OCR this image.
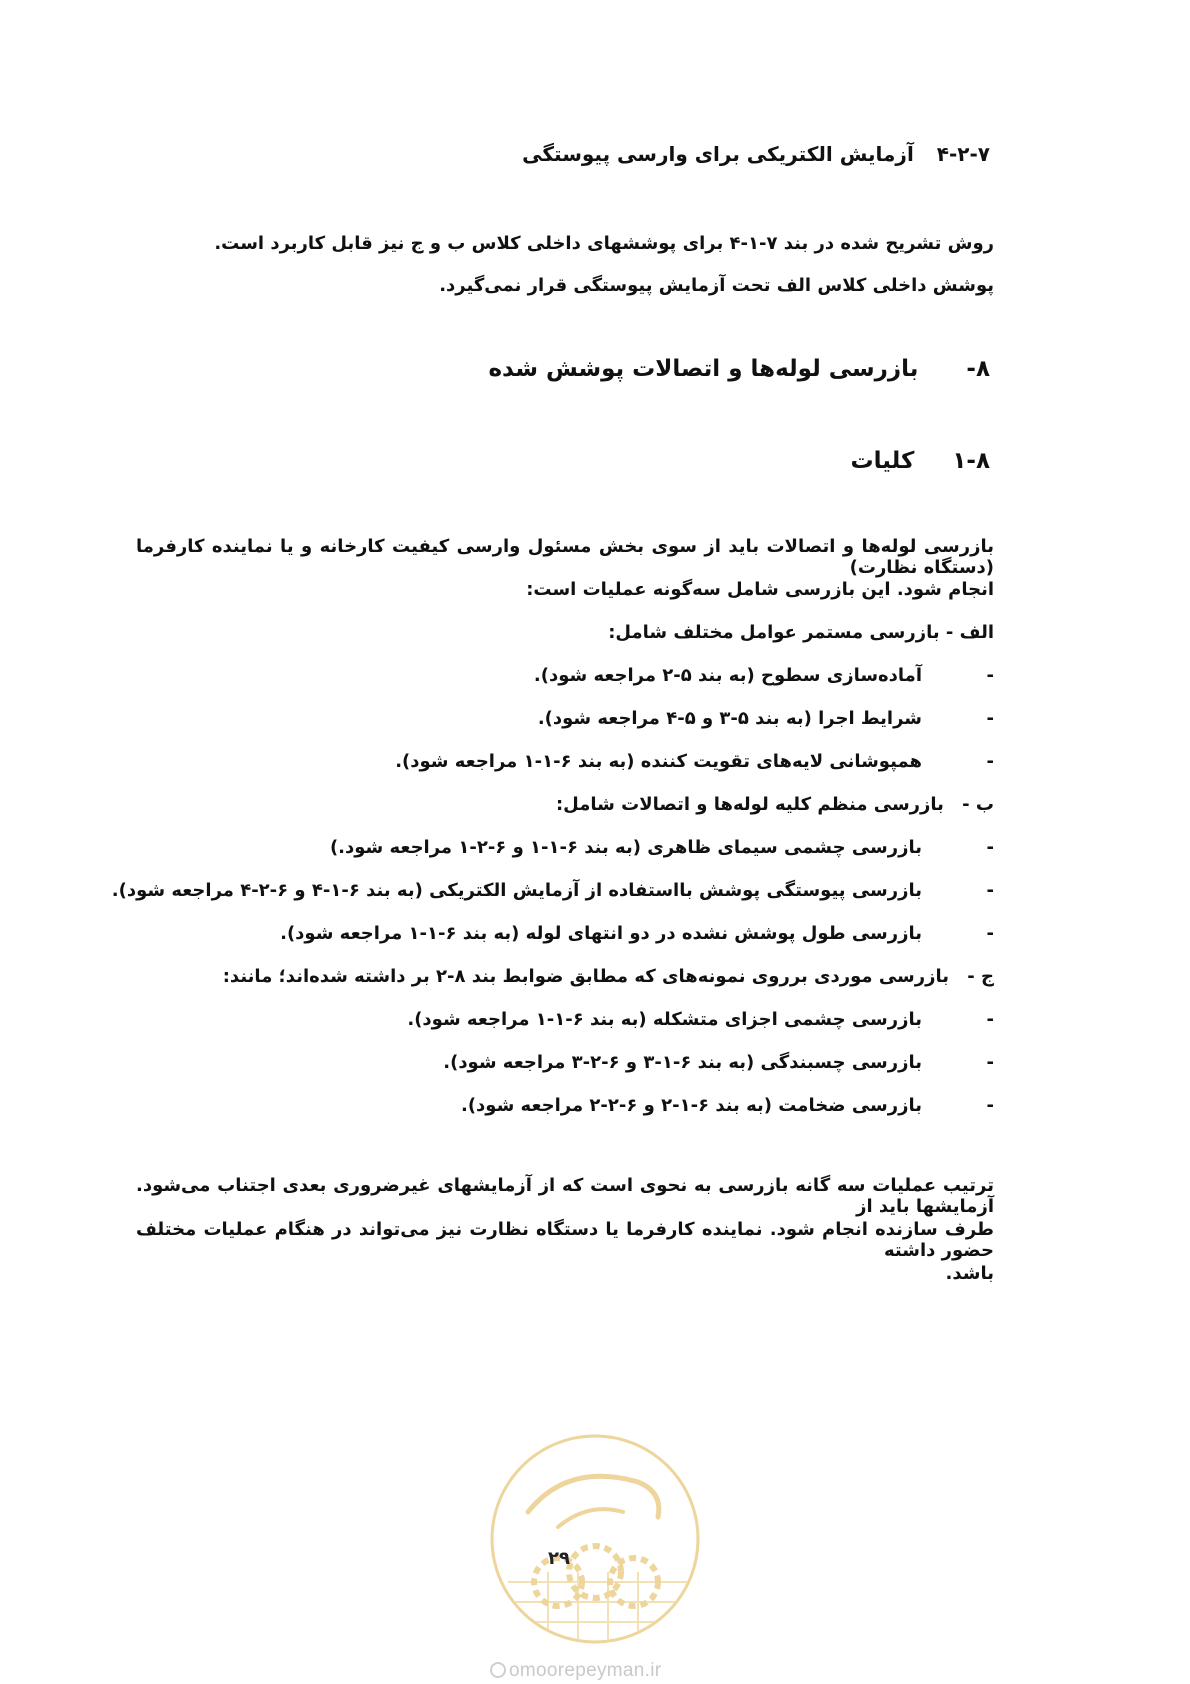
۴-۲-۷ آزمایش الکتریکی برای وارسی پیوستگی
روش تشریح شده در بند ۷-۱-۴ برای پوششهای داخلی کلاس ب و ج نیز قابل کاربرد است.
پوشش داخلی کلاس الف تحت آزمایش پیوستگی قرار نمی‌گیرد.
۸- بازرسی لوله‌ها و اتصالات پوشش شده
۱-۸ کلیات
بازرسی لوله‌ها و اتصالات باید از سوی بخش مسئول وارسی کیفیت کارخانه و یا نماینده کارفرما (دستگاه نظارت)
انجام شود. این بازرسی شامل سه‌گونه عملیات است:
الف - بازرسی مستمر عوامل مختلف شامل:
-آماده‌سازی سطوح (به بند ۵-۲ مراجعه شود).
-شرایط اجرا (به بند ۵-۳ و ۵-۴ مراجعه شود).
-همپوشانی لایه‌های تقویت کننده (به بند ۶-۱-۱ مراجعه شود).
ب - بازرسی منظم کلیه لوله‌ها و اتصالات شامل:
-بازرسی چشمی سیمای ظاهری (به بند ۶-۱-۱ و ۶-۲-۱ مراجعه شود.)
-بازرسی پیوستگی پوشش بااستفاده از آزمایش الکتریکی (به بند ۶-۱-۴ و ۶-۲-۴ مراجعه شود).
-بازرسی طول پوشش نشده در دو انتهای لوله (به بند ۶-۱-۱ مراجعه شود).
ج - بازرسی موردی برروی نمونه‌های که مطابق ضوابط بند ۸-۲ بر داشته شده‌اند؛ مانند:
-بازرسی چشمی اجزای متشکله (به بند ۶-۱-۱ مراجعه شود).
-بازرسی چسبندگی (به بند ۶-۱-۳ و ۶-۲-۳ مراجعه شود).
-بازرسی ضخامت (به بند ۶-۱-۲ و ۶-۲-۲ مراجعه شود).
ترتیب عملیات سه گانه بازرسی به نحوی است که از آزمایشهای غیرضروری بعدی اجتناب می‌شود. آزمایشها باید از
طرف سازنده انجام شود. نماینده کارفرما یا دستگاه نظارت نیز می‌تواند در هنگام عملیات مختلف حضور داشته
باشد.
۲۹
omoorepeyman.ir
